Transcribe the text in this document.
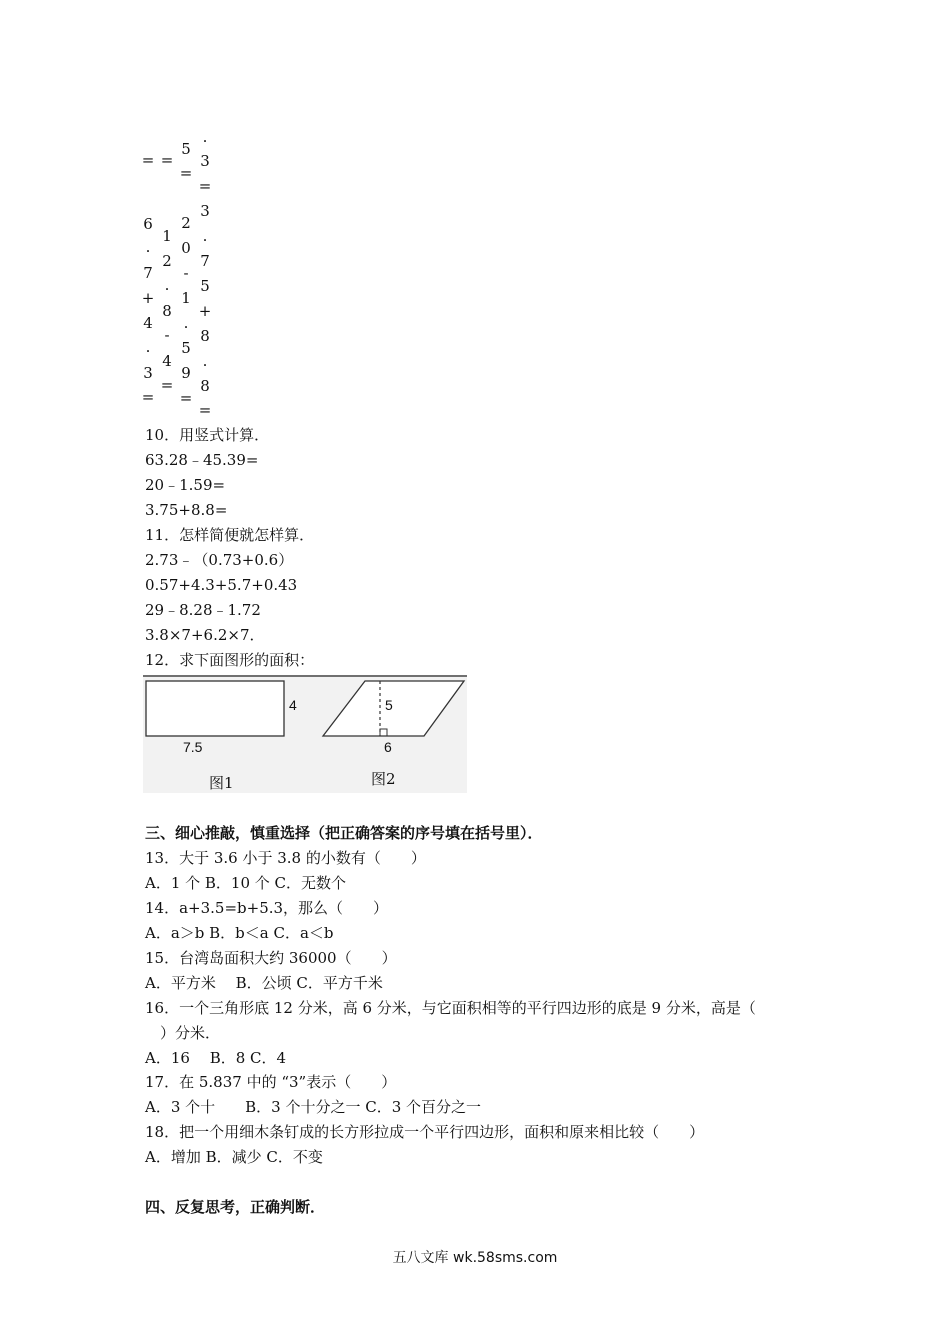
=
6
.
7
+
4
.
3
=
=
1
2
.
8
-
4
=
5
=
2
0
-
1
.
5
9
=
.
3
=
3
.
7
5
+
8
.
8
=
10．用竖式计算．
63.28﹣45.39=
20﹣1.59=
3.75+8.8=
11．怎样简便就怎样算．
2.73﹣（0.73+0.6）
0.57+4.3+5.7+0.43
29﹣8.28﹣1.72
3.8×7+6.2×7．
12．求下面图形的面积：
4
7.5
5
6
图1	图2
三、细心推敲，慎重选择（把正确答案的序号填在括号里）．
13．大于 3.6 小于 3.8 的小数有（　　）
A．1 个 B．10 个 C．无数个
14．a+3.5=b+5.3，那么（　　）
A．a＞b B．b＜a C．a＜b
15．台湾岛面积大约 36000（　　）
A．平方米　 B．公顷 C．平方千米
16．一个三角形底 12 分米，高 6 分米，与它面积相等的平行四边形的底是 9 分米，高是（
　）分米．
A．16　 B．8 C．4
17．在 5.837 中的 “3”表示（　　）
A．3 个十　　B．3 个十分之一 C．3 个百分之一
18．把一个用细木条钉成的长方形拉成一个平行四边形，面积和原来相比较（　　）
A．增加 B．减少 C．不变
四、反复思考，正确判断．
五八文库 wk.58sms.com
